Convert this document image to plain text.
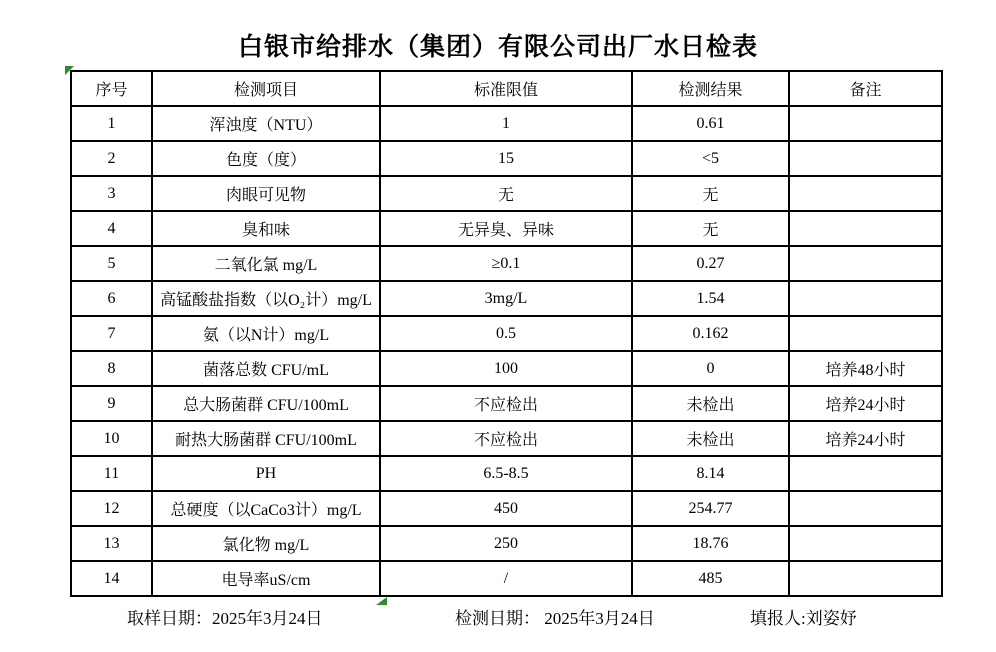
白银市给排水（集团）有限公司出厂水日检表
序号	检测项目	标准限值	检测结果	备注
1	浑浊度（NTU）	1	0.61	
2	色度（度）	15	<5	
3	肉眼可见物	无	无	
4	臭和味	无异臭、异味	无	
5	二氧化氯 mg/L	≥0.1	0.27	
6	高锰酸盐指数（以O₂计）mg/L	3mg/L	1.54	
7	氨（以N计）mg/L	0.5	0.162	
8	菌落总数 CFU/mL	100	0	培养48小时
9	总大肠菌群 CFU/100mL	不应检出	未检出	培养24小时
10	耐热大肠菌群 CFU/100mL	不应检出	未检出	培养24小时
11	PH	6.5-8.5	8.14	
12	总硬度（以CaCo3计）mg/L	450	254.77	
13	氯化物 mg/L	250	18.76	
14	电导率uS/cm	/	485	
取样日期：2025年3月24日	检测日期： 2025年3月24日	填报人:刘姿妤
